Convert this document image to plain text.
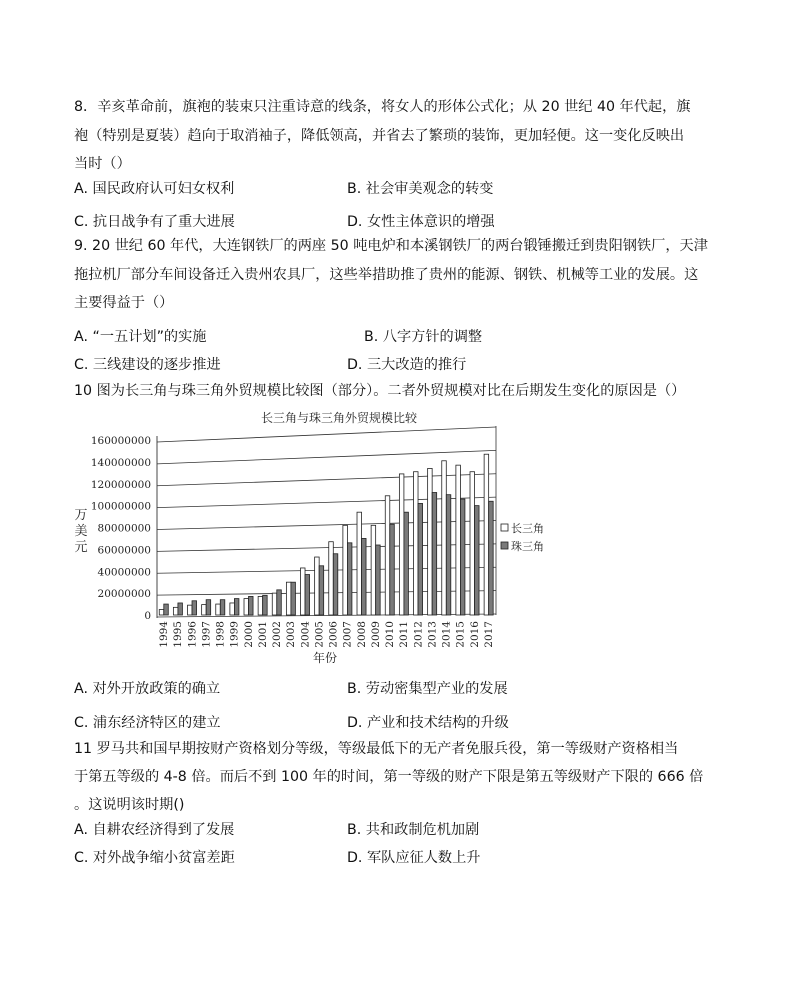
8．辛亥革命前，旗袍的装束只注重诗意的线条，将女人的形体公式化；从 20 世纪 40 年代起，旗
袍（特别是夏装）趋向于取消袖子，降低领高，并省去了繁琐的装饰，更加轻便。这一变化反映出
当时（）
A. 国民政府认可妇女权利	B. 社会审美观念的转变
C. 抗日战争有了重大进展	D. 女性主体意识的增强
9. 20 世纪 60 年代，大连钢铁厂的两座 50 吨电炉和本溪钢铁厂的两台锻锤搬迁到贵阳钢铁厂，天津
拖拉机厂部分车间设备迁入贵州农具厂，这些举措助推了贵州的能源、钢铁、机械等工业的发展。这
主要得益于（）
A. “一五计划”的实施	B. 八字方针的调整
C. 三线建设的逐步推进	D. 三大改造的推行
10 图为长三角与珠三角外贸规模比较图（部分）。二者外贸规模对比在后期发生变化的原因是（）
长三角与珠三角外贸规模比较
0
20000000
40000000
60000000
80000000
100000000
120000000
140000000
160000000
1994 1995 1996 1997 1998 1999 2000 2001 2002 2003 2004 2005 2006 2007 2008 2009 2010 2011 2012 2013 2014 2015 2016 2017
万
美
元
年份
长三角
珠三角
A. 对外开放政策的确立	B. 劳动密集型产业的发展
C. 浦东经济特区的建立	D. 产业和技术结构的升级
11 罗马共和国早期按财产资格划分等级，等级最低下的无产者免服兵役，第一等级财产资格相当
于第五等级的 4-8 倍。而后不到 100 年的时间，第一等级的财产下限是第五等级财产下限的 666 倍
。这说明该时期()
A. 自耕农经济得到了发展	B. 共和政制危机加剧
C. 对外战争缩小贫富差距	D. 军队应征人数上升
